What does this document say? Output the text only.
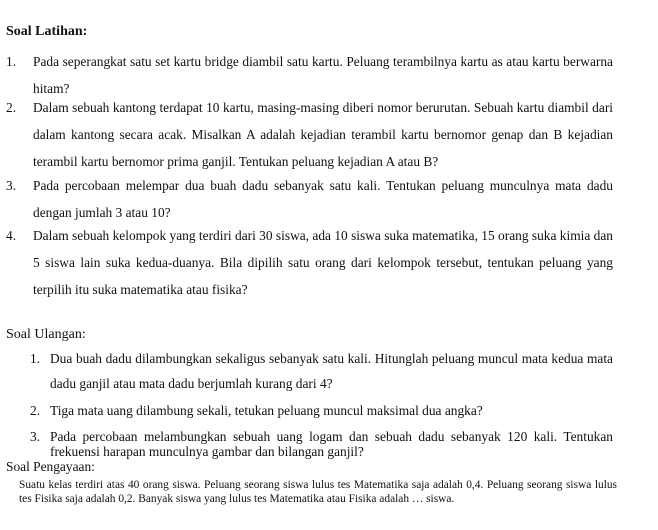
Soal Latihan:
1. Pada seperangkat satu set kartu bridge diambil satu kartu. Peluang terambilnya kartu as atau kartu berwarna hitam?
2. Dalam sebuah kantong terdapat 10 kartu, masing-masing diberi nomor berurutan. Sebuah kartu diambil dari dalam kantong secara acak. Misalkan A adalah kejadian terambil kartu bernomor genap dan B kejadian terambil kartu bernomor prima ganjil. Tentukan peluang kejadian A atau B?
3. Pada percobaan melempar dua buah dadu sebanyak satu kali. Tentukan peluang munculnya mata dadu dengan jumlah 3 atau 10?
4. Dalam sebuah kelompok yang terdiri dari 30 siswa, ada 10 siswa suka matematika, 15 orang suka kimia dan 5 siswa lain suka kedua-duanya. Bila dipilih satu orang dari kelompok tersebut, tentukan peluang yang terpilih itu suka matematika atau fisika?
Soal Ulangan:
1. Dua buah dadu dilambungkan sekaligus sebanyak satu kali. Hitunglah peluang muncul mata kedua mata dadu ganjil atau mata dadu berjumlah kurang dari 4?
2. Tiga mata uang dilambung sekali, tetukan peluang muncul maksimal dua angka?
3. Pada percobaan melambungkan sebuah uang logam dan sebuah dadu sebanyak 120 kali. Tentukan frekuensi harapan munculnya gambar dan bilangan ganjil?
Soal Pengayaan:
Suatu kelas terdiri atas 40 orang siswa. Peluang seorang siswa lulus tes Matematika saja adalah 0,4. Peluang seorang siswa lulus tes Fisika saja adalah 0,2. Banyak siswa yang lulus tes Matematika atau Fisika adalah … siswa.
